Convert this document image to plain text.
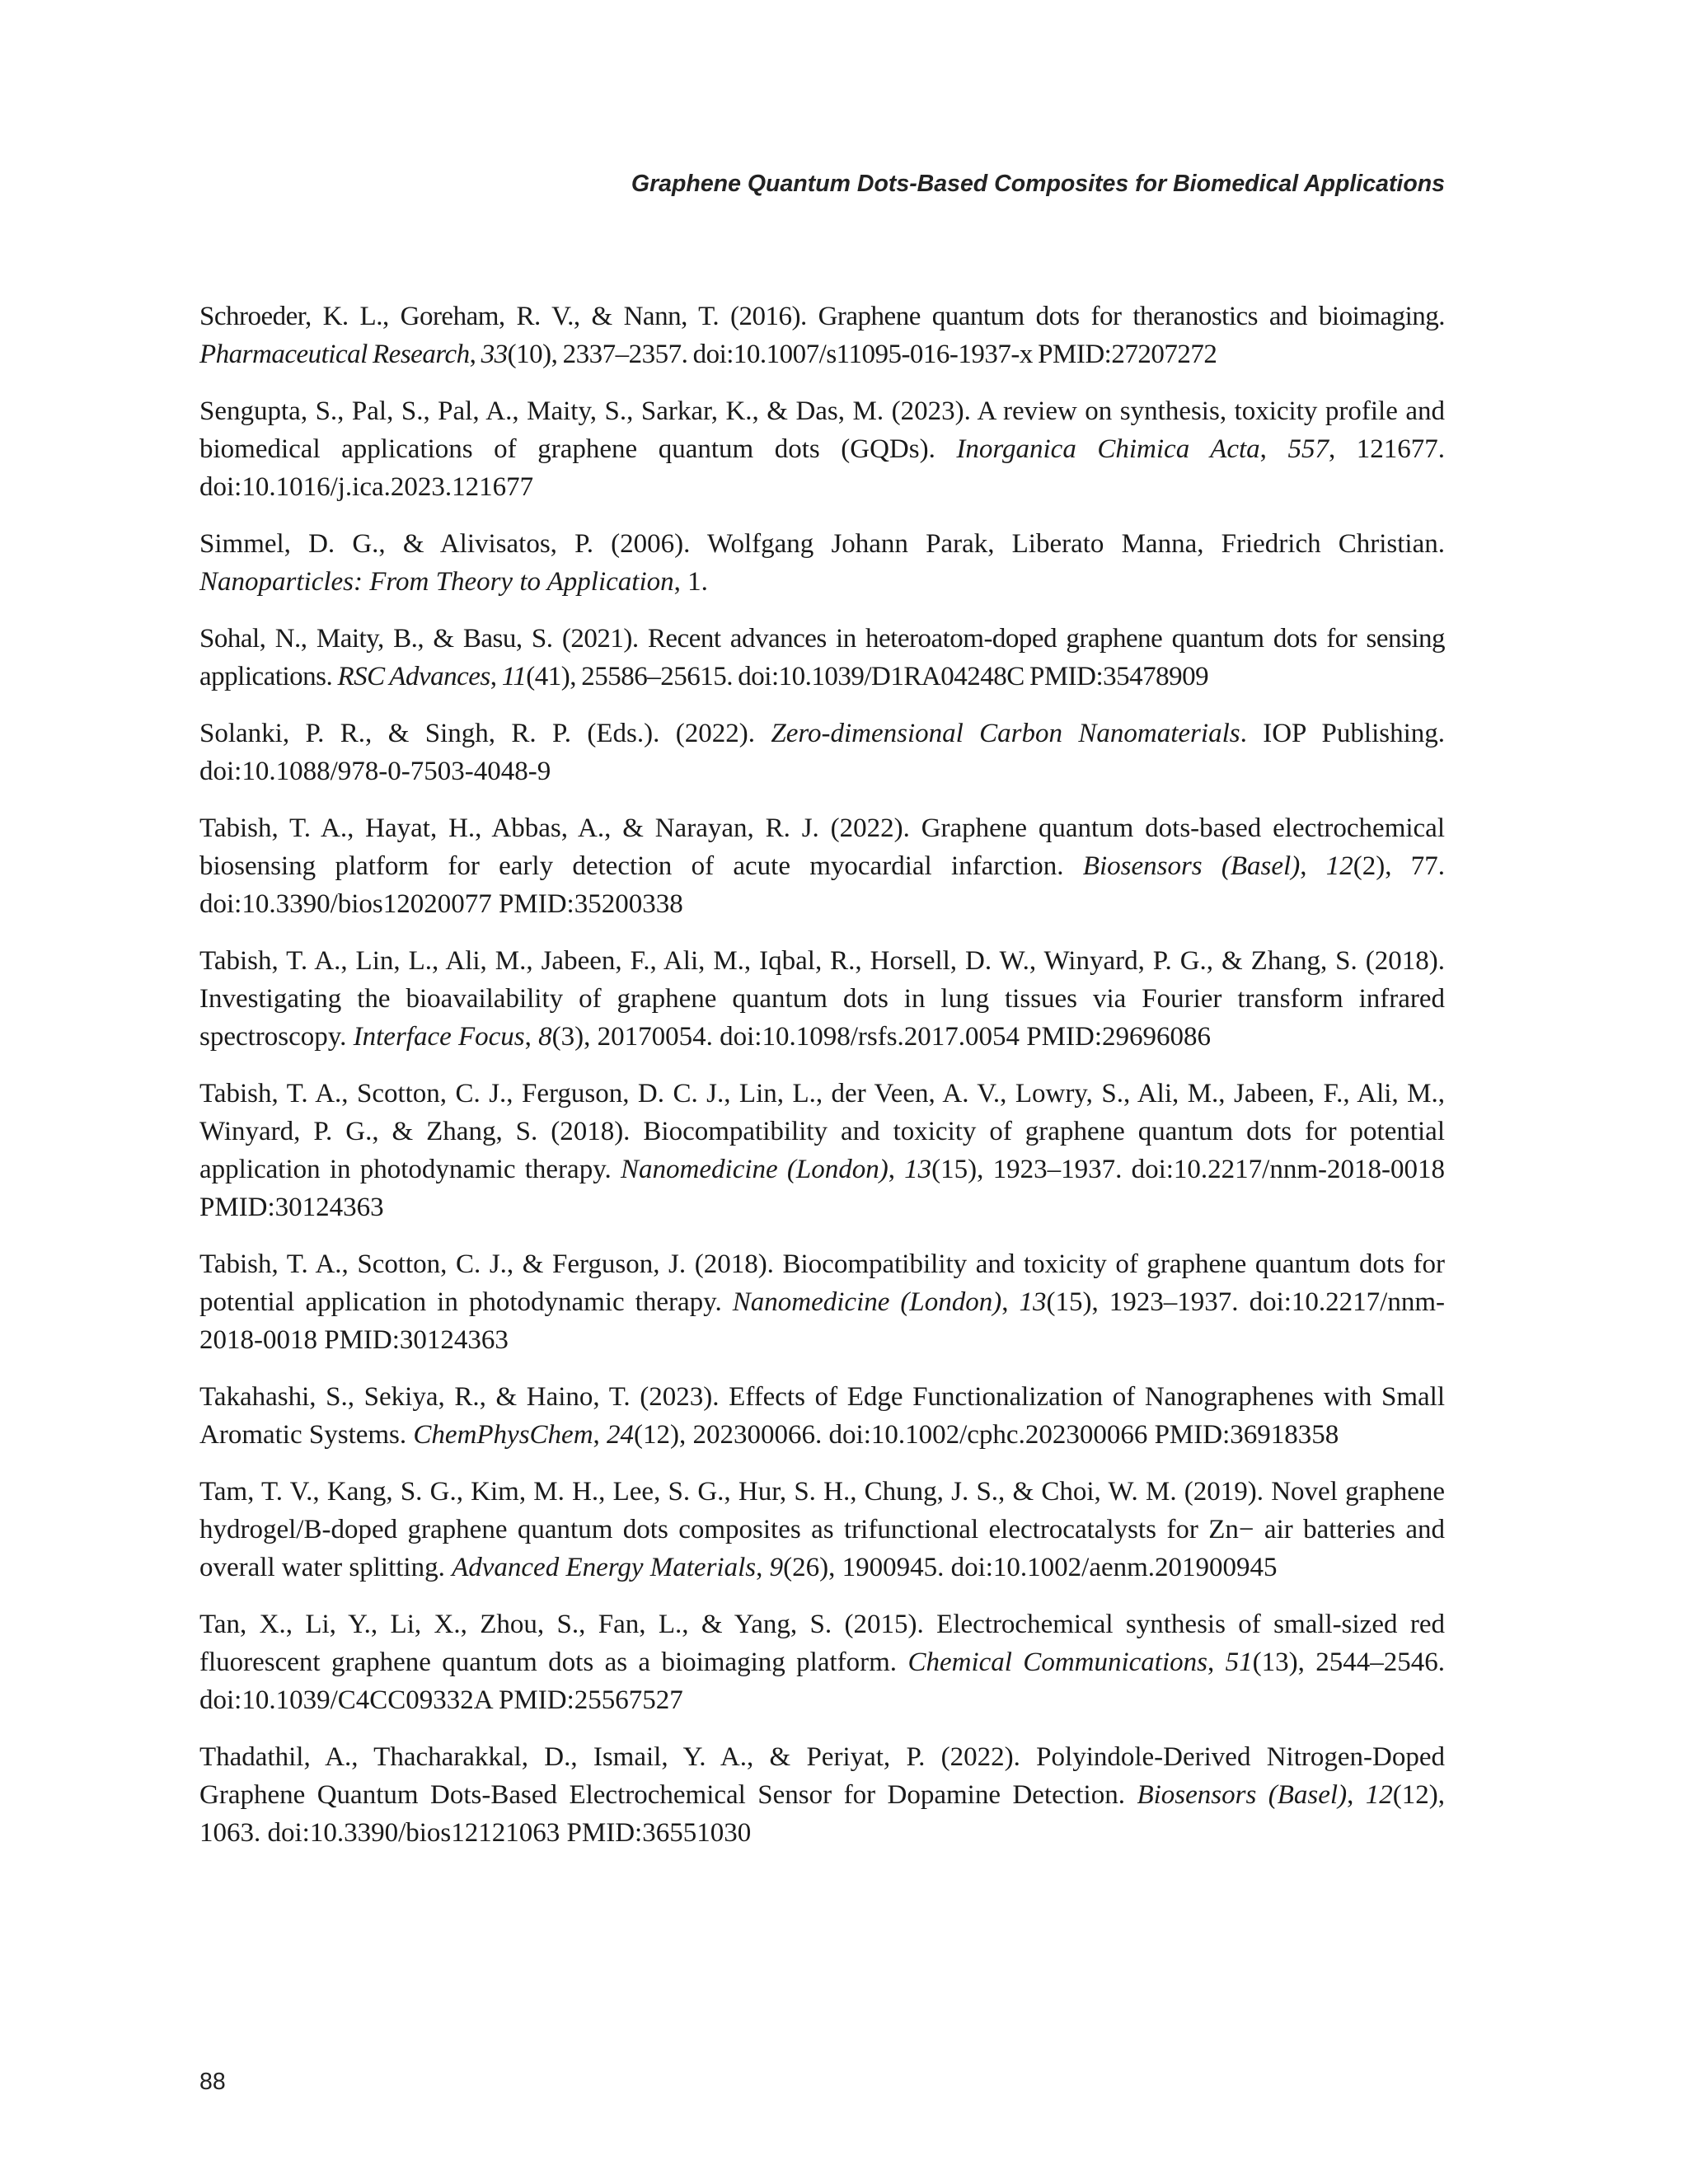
Graphene Quantum Dots-Based Composites for Biomedical Applications

Schroeder, K. L., Goreham, R. V., & Nann, T. (2016). Graphene quantum dots for theranostics and bioimaging. Pharmaceutical Research, 33(10), 2337–2357. doi:10.1007/s11095-016-1937-x PMID:27207272

Sengupta, S., Pal, S., Pal, A., Maity, S., Sarkar, K., & Das, M. (2023). A review on synthesis, toxicity profile and biomedical applications of graphene quantum dots (GQDs). Inorganica Chimica Acta, 557, 121677. doi:10.1016/j.ica.2023.121677

Simmel, D. G., & Alivisatos, P. (2006). Wolfgang Johann Parak, Liberato Manna, Friedrich Christian. Nanoparticles: From Theory to Application, 1.

Sohal, N., Maity, B., & Basu, S. (2021). Recent advances in heteroatom-doped graphene quantum dots for sensing applications. RSC Advances, 11(41), 25586–25615. doi:10.1039/D1RA04248C PMID:35478909

Solanki, P. R., & Singh, R. P. (Eds.). (2022). Zero-dimensional Carbon Nanomaterials. IOP Publishing. doi:10.1088/978-0-7503-4048-9

Tabish, T. A., Hayat, H., Abbas, A., & Narayan, R. J. (2022). Graphene quantum dots-based electrochemical biosensing platform for early detection of acute myocardial infarction. Biosensors (Basel), 12(2), 77. doi:10.3390/bios12020077 PMID:35200338

Tabish, T. A., Lin, L., Ali, M., Jabeen, F., Ali, M., Iqbal, R., Horsell, D. W., Winyard, P. G., & Zhang, S. (2018). Investigating the bioavailability of graphene quantum dots in lung tissues via Fourier transform infrared spectroscopy. Interface Focus, 8(3), 20170054. doi:10.1098/rsfs.2017.0054 PMID:29696086

Tabish, T. A., Scotton, C. J., Ferguson, D. C. J., Lin, L., der Veen, A. V., Lowry, S., Ali, M., Jabeen, F., Ali, M., Winyard, P. G., & Zhang, S. (2018). Biocompatibility and toxicity of graphene quantum dots for potential application in photodynamic therapy. Nanomedicine (London), 13(15), 1923–1937. doi:10.2217/nnm-2018-0018 PMID:30124363

Tabish, T. A., Scotton, C. J., & Ferguson, J. (2018). Biocompatibility and toxicity of graphene quantum dots for potential application in photodynamic therapy. Nanomedicine (London), 13(15), 1923–1937. doi:10.2217/nnm-2018-0018 PMID:30124363

Takahashi, S., Sekiya, R., & Haino, T. (2023). Effects of Edge Functionalization of Nanographenes with Small Aromatic Systems. ChemPhysChem, 24(12), 202300066. doi:10.1002/cphc.202300066 PMID:36918358

Tam, T. V., Kang, S. G., Kim, M. H., Lee, S. G., Hur, S. H., Chung, J. S., & Choi, W. M. (2019). Novel graphene hydrogel/B-doped graphene quantum dots composites as trifunctional electrocatalysts for Zn− air batteries and overall water splitting. Advanced Energy Materials, 9(26), 1900945. doi:10.1002/aenm.201900945

Tan, X., Li, Y., Li, X., Zhou, S., Fan, L., & Yang, S. (2015). Electrochemical synthesis of small-sized red fluorescent graphene quantum dots as a bioimaging platform. Chemical Communications, 51(13), 2544–2546. doi:10.1039/C4CC09332A PMID:25567527

Thadathil, A., Thacharakkal, D., Ismail, Y. A., & Periyat, P. (2022). Polyindole-Derived Nitrogen-Doped Graphene Quantum Dots-Based Electrochemical Sensor for Dopamine Detection. Biosensors (Basel), 12(12), 1063. doi:10.3390/bios12121063 PMID:36551030

88
